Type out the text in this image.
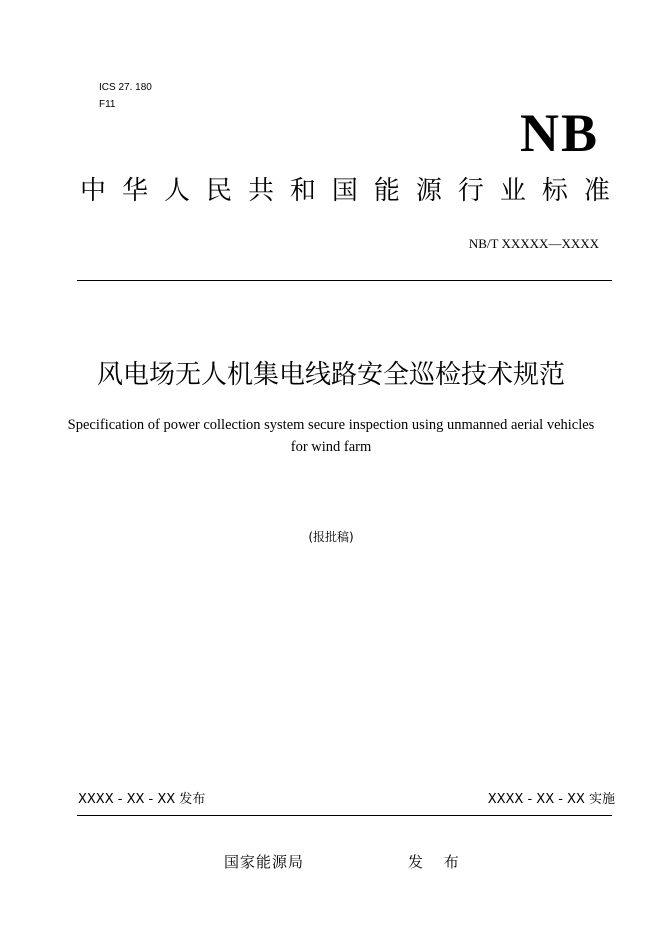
ICS 27. 180
F11	NB
中 华 人 民 共 和 国 能 源 行 业 标 准
NB/T XXXXX—XXXX
风电场无人机集电线路安全巡检技术规范
Specification of power collection system secure inspection using unmanned aerial vehicles for wind farm
(报批稿)
XXXX - XX - XX 发布	XXXX - XX - XX 实施
国家能源局	发 布
